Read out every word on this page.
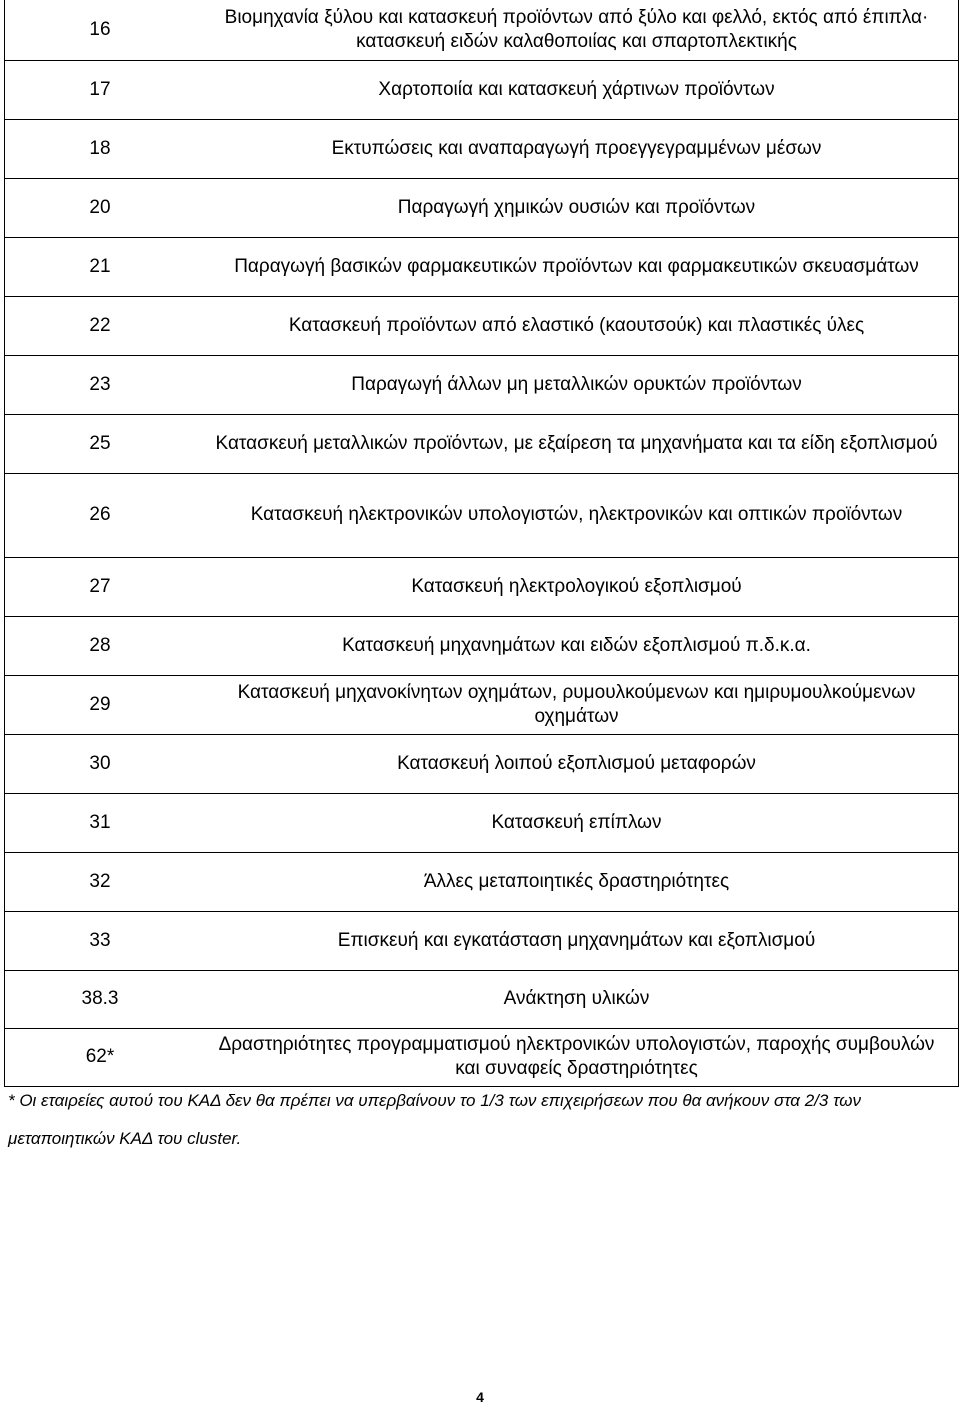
16	Βιομηχανία ξύλου και κατασκευή προϊόντων από ξύλο και φελλό, εκτός από έπιπλα· κατασκευή ειδών καλαθοποιίας και σπαρτοπλεκτικής
17	Χαρτοποιία και κατασκευή χάρτινων προϊόντων
18	Εκτυπώσεις και αναπαραγωγή προεγγεγραμμένων μέσων
20	Παραγωγή χημικών ουσιών και προϊόντων
21	Παραγωγή βασικών φαρμακευτικών προϊόντων και φαρμακευτικών σκευασμάτων
22	Κατασκευή προϊόντων από ελαστικό (καουτσούκ) και πλαστικές ύλες
23	Παραγωγή άλλων μη μεταλλικών ορυκτών προϊόντων
25	Κατασκευή μεταλλικών προϊόντων, με εξαίρεση τα μηχανήματα και τα είδη εξοπλισμού
26	Κατασκευή ηλεκτρονικών υπολογιστών, ηλεκτρονικών και οπτικών προϊόντων
27	Κατασκευή ηλεκτρολογικού εξοπλισμού
28	Κατασκευή μηχανημάτων και ειδών εξοπλισμού π.δ.κ.α.
29	Κατασκευή μηχανοκίνητων οχημάτων, ρυμουλκούμενων και ημιρυμουλκούμενων οχημάτων
30	Κατασκευή λοιπού εξοπλισμού μεταφορών
31	Κατασκευή επίπλων
32	Άλλες μεταποιητικές δραστηριότητες
33	Επισκευή και εγκατάσταση μηχανημάτων και εξοπλισμού
38.3	Ανάκτηση υλικών
62*	Δραστηριότητες προγραμματισμού ηλεκτρονικών υπολογιστών, παροχής συμβουλών και συναφείς δραστηριότητες
* Οι εταιρείες αυτού του ΚΑΔ δεν θα πρέπει να υπερβαίνουν το 1/3 των επιχειρήσεων που θα ανήκουν στα 2/3 των μεταποιητικών ΚΑΔ του cluster.
4
